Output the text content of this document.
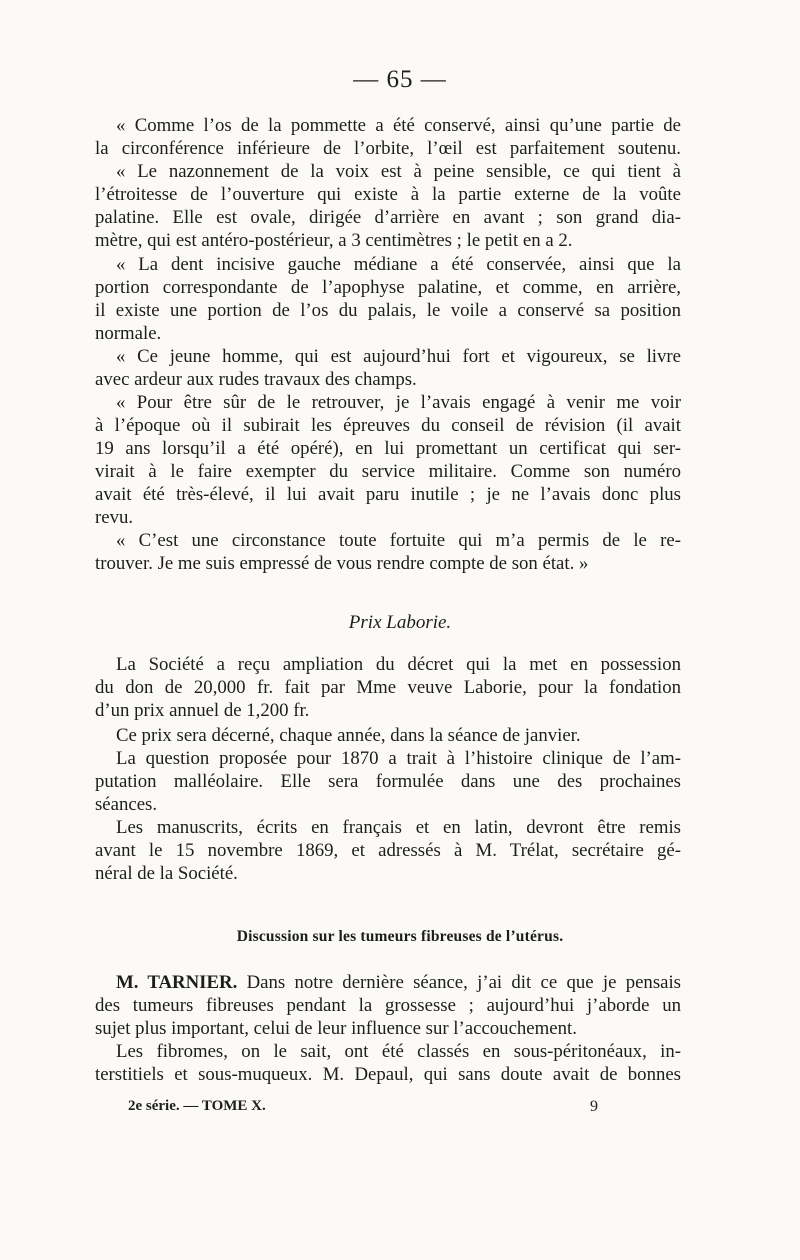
— 65 —
« Comme l’os de la pommette a été conservé, ainsi qu’une partie de
la circonférence inférieure de l’orbite, l’œil est parfaitement soutenu.
« Le nazonnement de la voix est à peine sensible, ce qui tient à
l’étroitesse de l’ouverture qui existe à la partie externe de la voûte
palatine. Elle est ovale, dirigée d’arrière en avant ; son grand dia-
mètre, qui est antéro-postérieur, a 3 centimètres ; le petit en a 2.
« La dent incisive gauche médiane a été conservée, ainsi que la
portion correspondante de l’apophyse palatine, et comme, en arrière,
il existe une portion de l’os du palais, le voile a conservé sa position
normale.
« Ce jeune homme, qui est aujourd’hui fort et vigoureux, se livre
avec ardeur aux rudes travaux des champs.
« Pour être sûr de le retrouver, je l’avais engagé à venir me voir
à l’époque où il subirait les épreuves du conseil de révision (il avait
19 ans lorsqu’il a été opéré), en lui promettant un certificat qui ser-
virait à le faire exempter du service militaire. Comme son numéro
avait été très-élevé, il lui avait paru inutile ; je ne l’avais donc plus
revu.
« C’est une circonstance toute fortuite qui m’a permis de le re-
trouver. Je me suis empressé de vous rendre compte de son état. »
Prix Laborie.
La Société a reçu ampliation du décret qui la met en possession
du don de 20,000 fr. fait par Mme veuve Laborie, pour la fondation
d’un prix annuel de 1,200 fr.
Ce prix sera décerné, chaque année, dans la séance de janvier.
La question proposée pour 1870 a trait à l’histoire clinique de l’am-
putation malléolaire. Elle sera formulée dans une des prochaines
séances.
Les manuscrits, écrits en français et en latin, devront être remis
avant le 15 novembre 1869, et adressés à M. Trélat, secrétaire gé-
néral de la Société.
Discussion sur les tumeurs fibreuses de l’utérus.
M. TARNIER. Dans notre dernière séance, j’ai dit ce que je pensais
des tumeurs fibreuses pendant la grossesse ; aujourd’hui j’aborde un
sujet plus important, celui de leur influence sur l’accouchement.
Les fibromes, on le sait, ont été classés en sous-péritonéaux, in-
terstitiels et sous-muqueux. M. Depaul, qui sans doute avait de bonnes
2e série. — TOME X.	9
